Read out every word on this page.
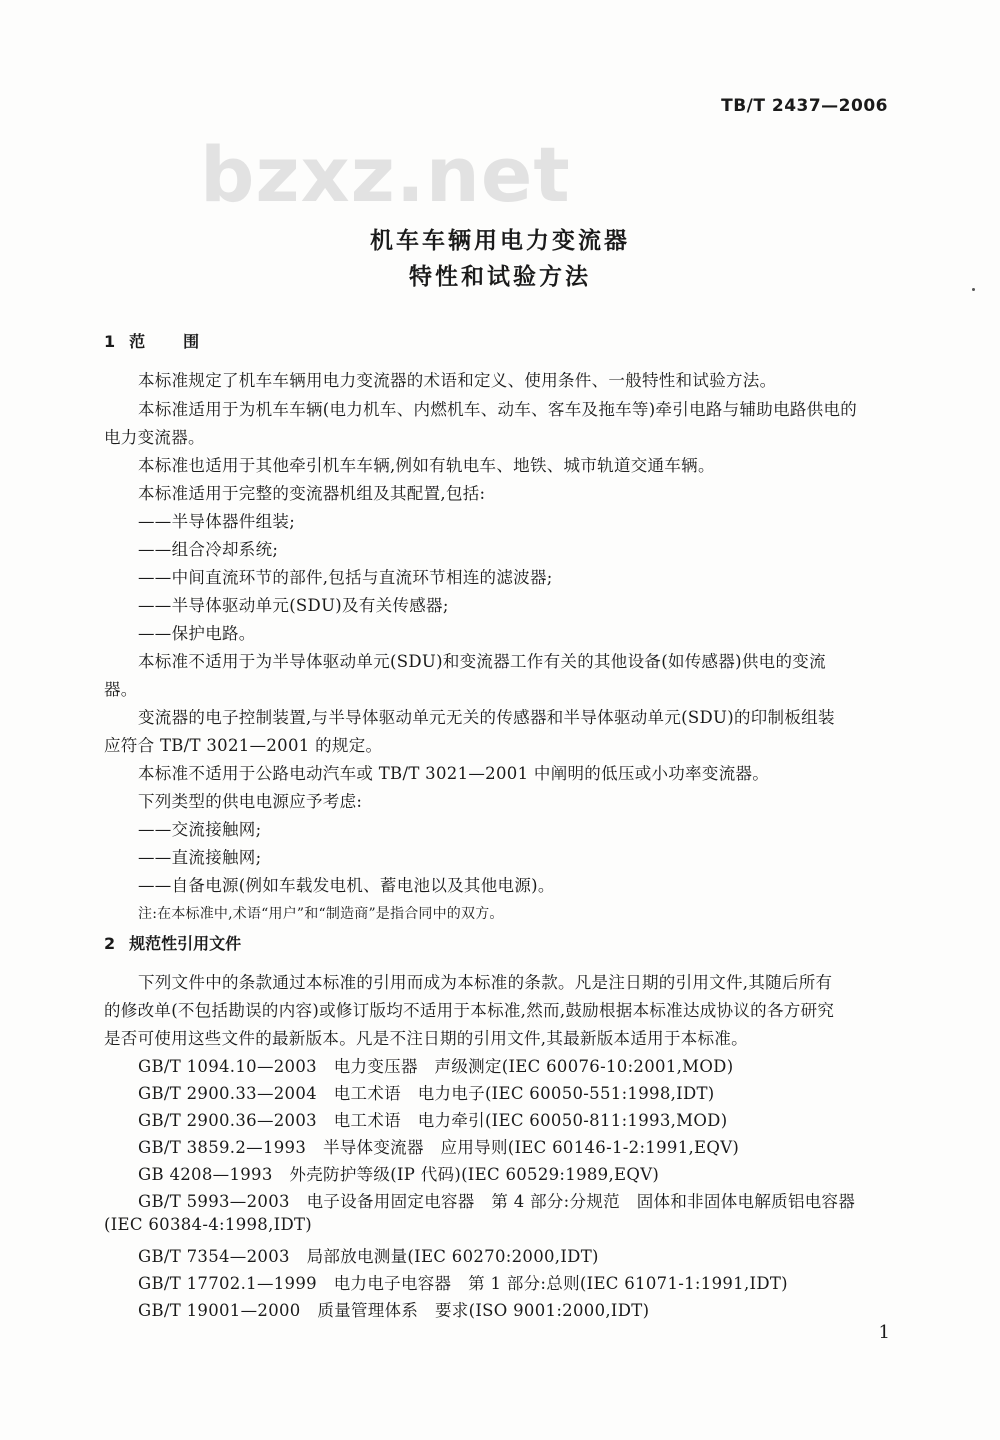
TB/T 2437—2006
bzxz.net
机车车辆用电力变流器
特性和试验方法
1 范 围
本标准规定了机车车辆用电力变流器的术语和定义、使用条件、一般特性和试验方法。
本标准适用于为机车车辆(电力机车、内燃机车、动车、客车及拖车等)牵引电路与辅助电路供电的
电力变流器。
本标准也适用于其他牵引机车车辆,例如有轨电车、地铁、城市轨道交通车辆。
本标准适用于完整的变流器机组及其配置,包括:
——半导体器件组装;
——组合冷却系统;
——中间直流环节的部件,包括与直流环节相连的滤波器;
——半导体驱动单元(SDU)及有关传感器;
——保护电路。
本标准不适用于为半导体驱动单元(SDU)和变流器工作有关的其他设备(如传感器)供电的变流
器。
变流器的电子控制装置,与半导体驱动单元无关的传感器和半导体驱动单元(SDU)的印制板组装
应符合 TB/T 3021—2001 的规定。
本标准不适用于公路电动汽车或 TB/T 3021—2001 中阐明的低压或小功率变流器。
下列类型的供电电源应予考虑:
——交流接触网;
——直流接触网;
——自备电源(例如车载发电机、蓄电池以及其他电源)。
注:在本标准中,术语“用户”和“制造商”是指合同中的双方。
2 规范性引用文件
下列文件中的条款通过本标准的引用而成为本标准的条款。凡是注日期的引用文件,其随后所有
的修改单(不包括勘误的内容)或修订版均不适用于本标准,然而,鼓励根据本标准达成协议的各方研究
是否可使用这些文件的最新版本。凡是不注日期的引用文件,其最新版本适用于本标准。
GB/T 1094.10—2003　电力变压器　声级测定(IEC 60076-10:2001,MOD)
GB/T 2900.33—2004　电工术语　电力电子(IEC 60050-551:1998,IDT)
GB/T 2900.36—2003　电工术语　电力牵引(IEC 60050-811:1993,MOD)
GB/T 3859.2—1993　半导体变流器　应用导则(IEC 60146-1-2:1991,EQV)
GB 4208—1993　外壳防护等级(IP 代码)(IEC 60529:1989,EQV)
GB/T 5993—2003　电子设备用固定电容器　第 4 部分:分规范　固体和非固体电解质铝电容器
(IEC 60384-4:1998,IDT)
GB/T 7354—2003　局部放电测量(IEC 60270:2000,IDT)
GB/T 17702.1—1999　电力电子电容器　第 1 部分:总则(IEC 61071-1:1991,IDT)
GB/T 19001—2000　质量管理体系　要求(ISO 9001:2000,IDT)
1
